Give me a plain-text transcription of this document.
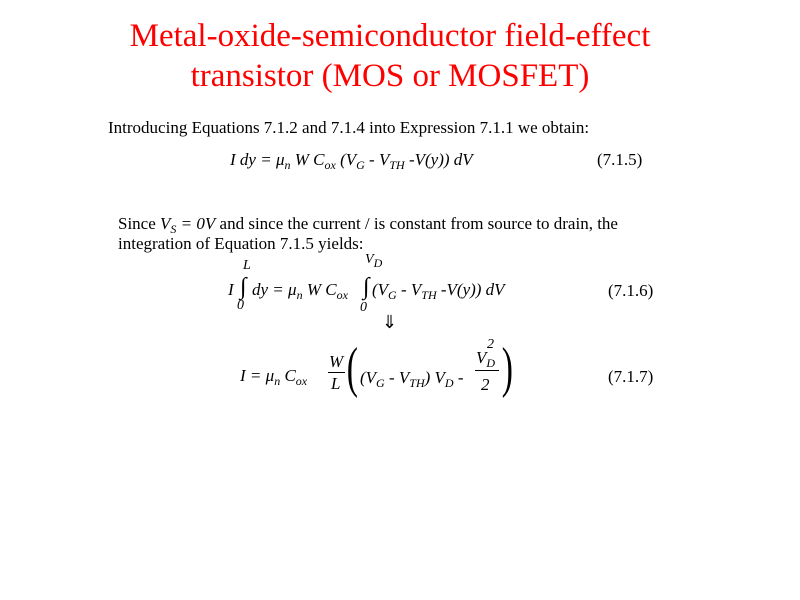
Metal-oxide-semiconductor field-effect
transistor (MOS or MOSFET)
Introducing Equations 7.1.2 and 7.1.4 into Expression 7.1.1 we obtain:
I dy = $\mu_n$ W $C_{ox}$ ($V_G - V_{TH}$ -V(y)) dV	(7.1.5)
Since $V_S = 0V$ and since the current / is constant from source to drain, the
integration of Equation 7.1.5 yields:
L
I ∫
0
dy = $\mu_n$ W $C_{ox}$
VD
∫
0
($V_G - V_{TH}$ -V(y)) dV	(7.1.6)
⇓
$I = \mu_n$ $C_{ox}$
W
L ( $(V_G - V_{TH})$ $V_D$ -
2
$V_D$
2 )	(7.1.7)
